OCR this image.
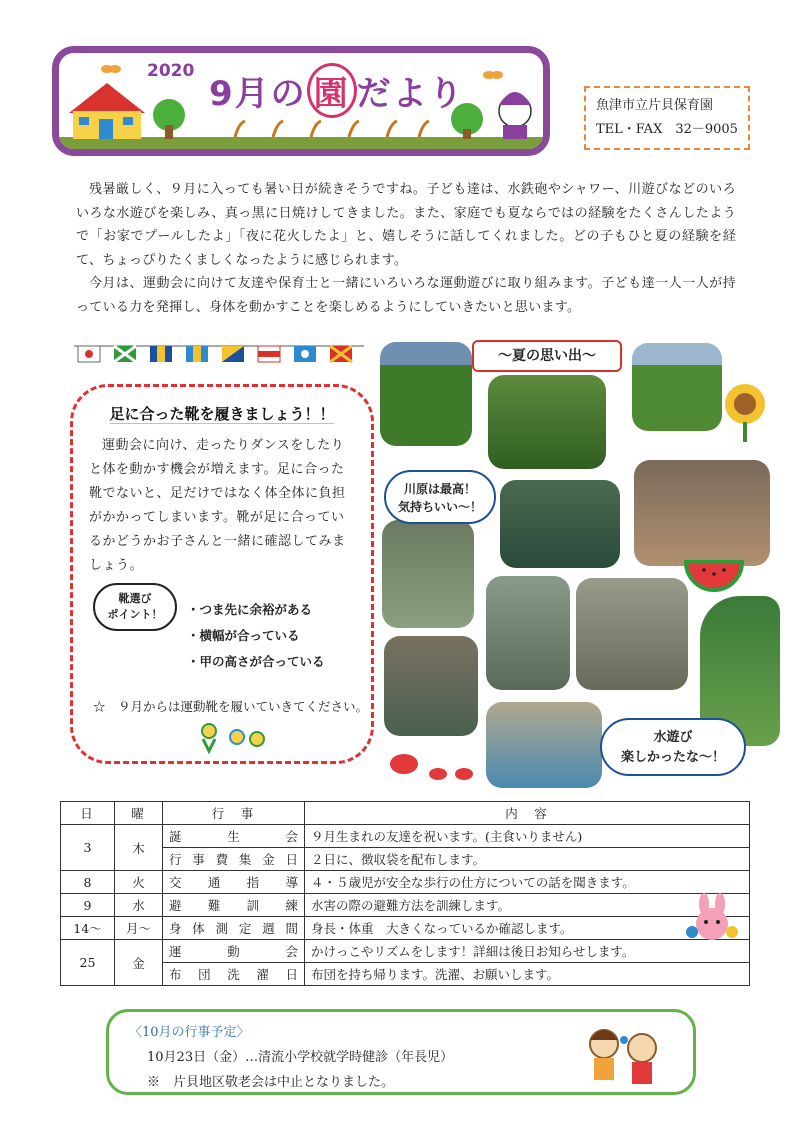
2020
9月の 園 だより	魚津市立片貝保育園
TEL・FAX　32－9005

残暑厳しく、９月に入っても暑い日が続きそうですね。子ども達は、水鉄砲やシャワー、川遊びなどのいろいろな水遊びを楽しみ、真っ黒に日焼けしてきました。また、家庭でも夏ならではの経験をたくさんしたようで「お家でプールしたよ」「夜に花火したよ」と、嬉しそうに話してくれました。どの子もひと夏の経験を経て、ちょっぴりたくましくなったように感じられます。

今月は、運動会に向けて友達や保育士と一緒にいろいろな運動遊びに取り組みます。子ども達一人一人が持っている力を発揮し、身体を動かすことを楽しめるようにしていきたいと思います。

足に合った靴を履きましょう！！

運動会に向け、走ったりダンスをしたりと体を動かす機会が増えます。足に合った靴でないと、足だけではなく体全体に負担がかかってしまいます。靴が足に合っているかどうかお子さんと一緒に確認してみましょう。

靴選び
ポイント！	・つま先に余裕がある
・横幅が合っている
・甲の高さが合っている
☆　９月からは運動靴を履いていきてください。
～夏の思い出～
川原は最高！
気持ちいい～！
水遊び
楽しかったな～！
日	曜	行　事	内　容
3	木	誕生会	９月生まれの友達を祝います。(主食いりません)
		行事費集金日	２日に、徴収袋を配布します。
8	火	交通指導	４・５歳児が安全な歩行の仕方についての話を聞きます。
9	水	避難訓練	水害の際の避難方法を訓練します。
14～	月～	身体測定週間	身長・体重　大きくなっているか確認します。
25	金	運動会	かけっこやリズムをします！詳細は後日お知らせします。
		布団洗濯日	布団を持ち帰ります。洗濯、お願いします。
〈10月の行事予定〉
10月23日（金）…清流小学校就学時健診（年長児）
※　片貝地区敬老会は中止となりました。
